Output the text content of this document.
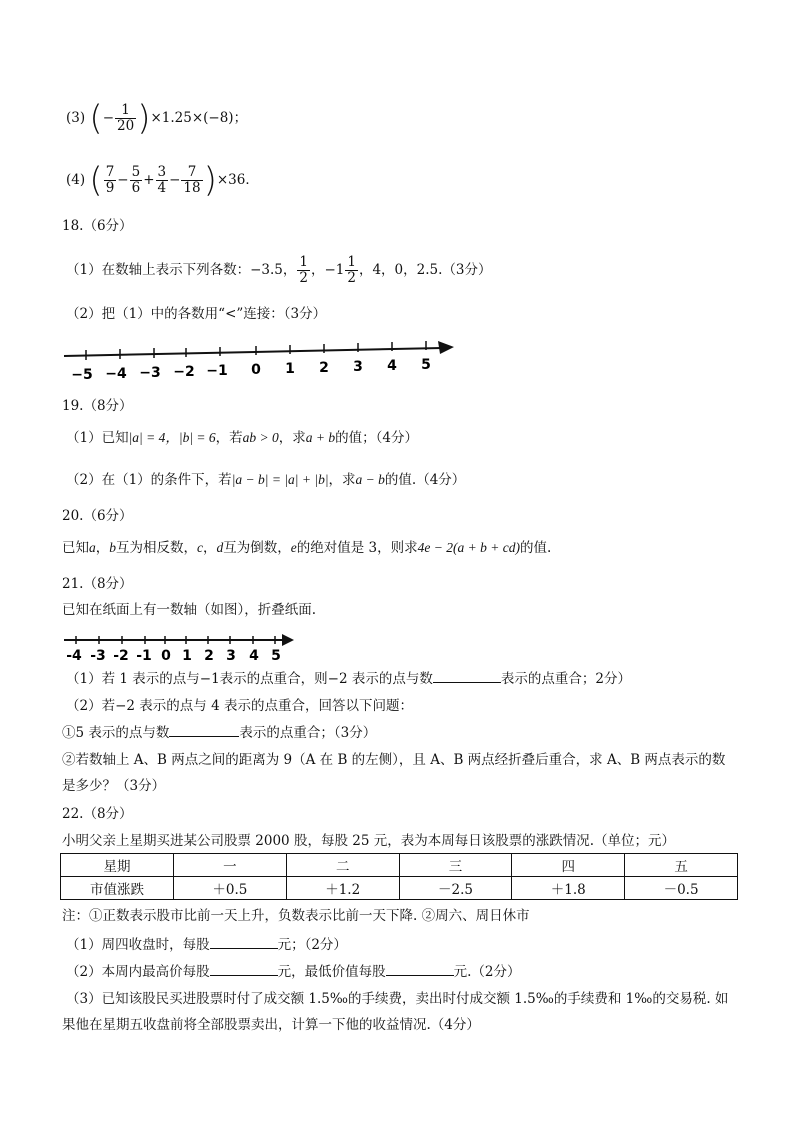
(3) (− $\frac{1}{20} )\times 1.25\times(-8)$；
(4) ( $\frac{7}{9} - \frac{5}{6} + \frac{3}{4} - \frac{7}{18} )\times 36$．
18.（6分）
（1）在数轴上表示下列各数：−3.5， $\frac{1}{2}$ ，$-1 \frac{1}{2}$ ，4，0，2.5.（3分）
（2）把（1）中的各数用“<”连接：（3分）
−5 −4 −3 −2 −1 0 1 2 3 4 5
19.（8分）
（1）已知|a| = 4，|b| = 6，若ab > 0，求a + b的值；（4分）
（2）在（1）的条件下，若|a − b| = |a| + |b|，求a − b的值.（4分）
20.（6分）
已知a，b互为相反数，c，d互为倒数，e的绝对值是 3，则求4e − 2(a + b + cd)的值.
21.（8分）
已知在纸面上有一数轴（如图），折叠纸面.
-4 -3 -2 -1 0 1 2 3 4 5
（1）若 1 表示的点与−1表示的点重合，则−2 表示的点与数	表示的点重合；2分）
（2）若−2 表示的点与 4 表示的点重合，回答以下问题：
①5 表示的点与数	表示的点重合；（3分）
②若数轴上 A、B 两点之间的距离为 9（A 在 B 的左侧），且 A、B 两点经折叠后重合，求 A、B 两点表示的数
是多少？（3分）
22.（8分）
小明父亲上星期买进某公司股票 2000 股，每股 25 元，表为本周每日该股票的涨跌情况.（单位；元）
星期	一	二	三	四	五
市值涨跌	＋0.5	＋1.2	－2.5	＋1.8	－0.5
注：①正数表示股市比前一天上升，负数表示比前一天下降. ②周六、周日休市
（1）周四收盘时，每股	元；（2分）
（2）本周内最高价每股	元，最低价值每股	元.（2分）
（3）已知该股民买进股票时付了成交额 1.5‰的手续费，卖出时付成交额 1.5‰的手续费和 1‰的交易税. 如
果他在星期五收盘前将全部股票卖出，计算一下他的收益情况.（4分）
